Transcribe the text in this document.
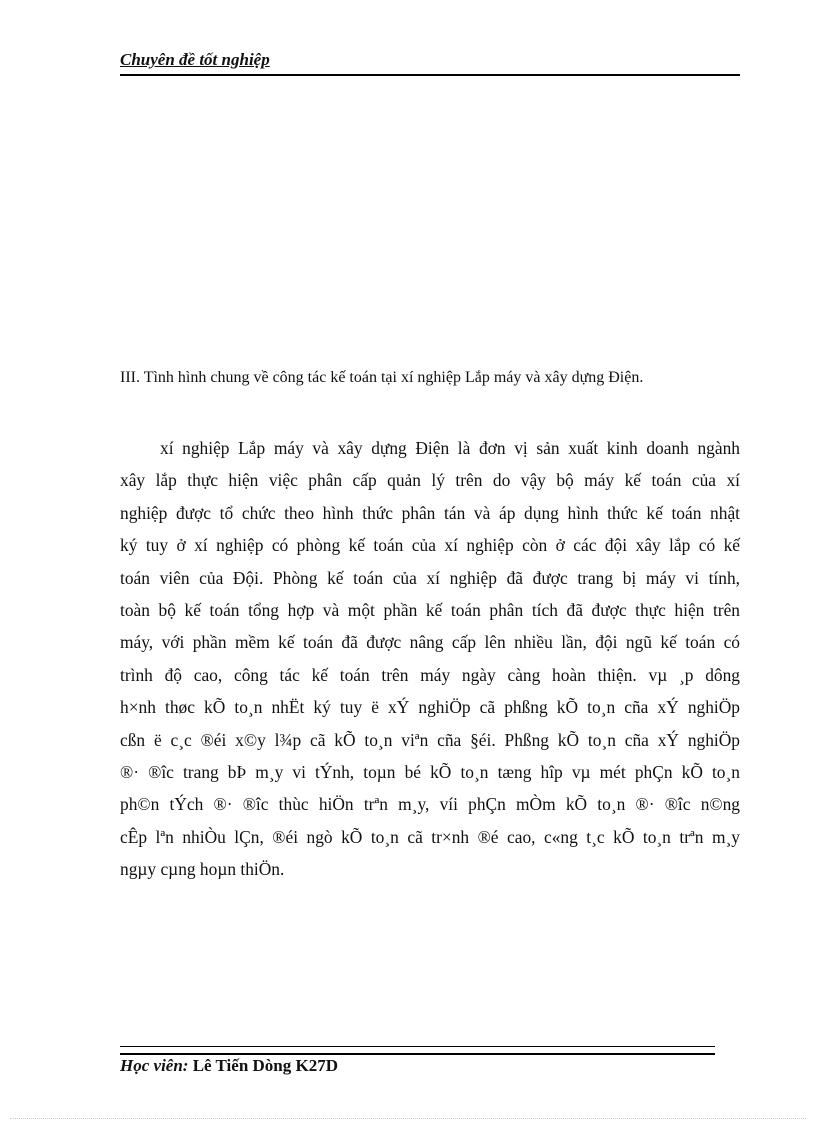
Chuyên đề tốt nghiệp

III. Tình hình chung về công tác kế toán tại xí nghiệp Lắp máy và xây dựng Điện.

xí nghiệp Lắp máy và xây dựng Điện là đơn vị sản xuất kinh doanh ngành
xây lắp thực hiện việc phân cấp quản lý trên do vậy bộ máy kế toán của xí
nghiệp được tổ chức theo hình thức phân tán và áp dụng hình thức kế toán nhật
ký tuy ở xí nghiệp có phòng kế toán của xí nghiệp còn ở các đội xây lắp có kế
toán viên của Đội. Phòng kế toán của xí nghiệp đã được trang bị máy vi tính,
toàn bộ kế toán tổng hợp và một phần kế toán phân tích đã được thực hiện trên
máy, với phần mềm kế toán đã được nâng cấp lên nhiều lần, đội ngũ kế toán có
trình độ cao, công tác kế toán trên máy ngày càng hoàn thiện. vµ ¸p dông
h×nh thøc kÕ to¸n nhËt ký tuy ë xÝ nghiÖp cã phßng kÕ to¸n cña xÝ nghiÖp
cßn ë c¸c ®éi x©y l¾p cã kÕ to¸n viªn cña §éi. Phßng kÕ to¸n cña xÝ nghiÖp
®· ®îc trang bÞ m¸y vi tÝnh, toµn bé kÕ to¸n tæng hîp vµ mét phÇn kÕ to¸n
ph©n tÝch ®· ®îc thùc hiÖn trªn m¸y, víi phÇn mÒm kÕ to¸n ®· ®îc n©ng
cÊp lªn nhiÒu lÇn, ®éi ngò kÕ to¸n cã tr×nh ®é cao, c«ng t¸c kÕ to¸n trªn m¸y
ngµy cµng hoµn thiÖn.
Học viên: Lê Tiến Dòng K27D
